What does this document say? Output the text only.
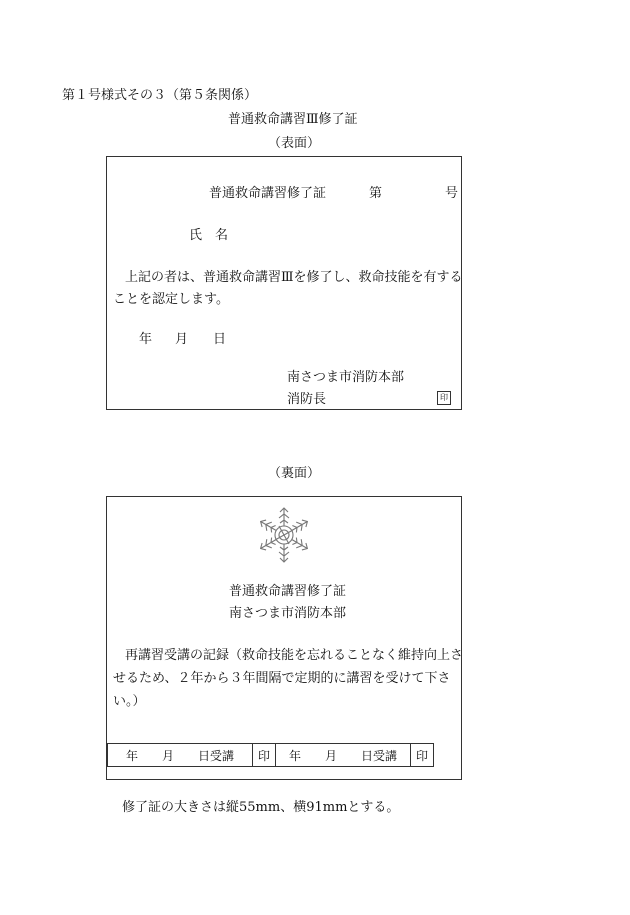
第１号様式その３（第５条関係）
普通救命講習Ⅲ修了証
（表面）
普通救命講習修了証	第	号
氏　名
上記の者は、普通救命講習Ⅲを修了し、救命技能を有する
ことを認定します。
年 月 日
南さつま市消防本部
消防長	印
（裏面）
普通救命講習修了証
南さつま市消防本部
再講習受講の記録（救命技能を忘れることなく維持向上さ
せるため、２年から３年間隔で定期的に講習を受けて下さ
い。）
年　　月　　日受講	印	年　　月　　日受講	印
修了証の大きさは縦55mm、横91mmとする。
